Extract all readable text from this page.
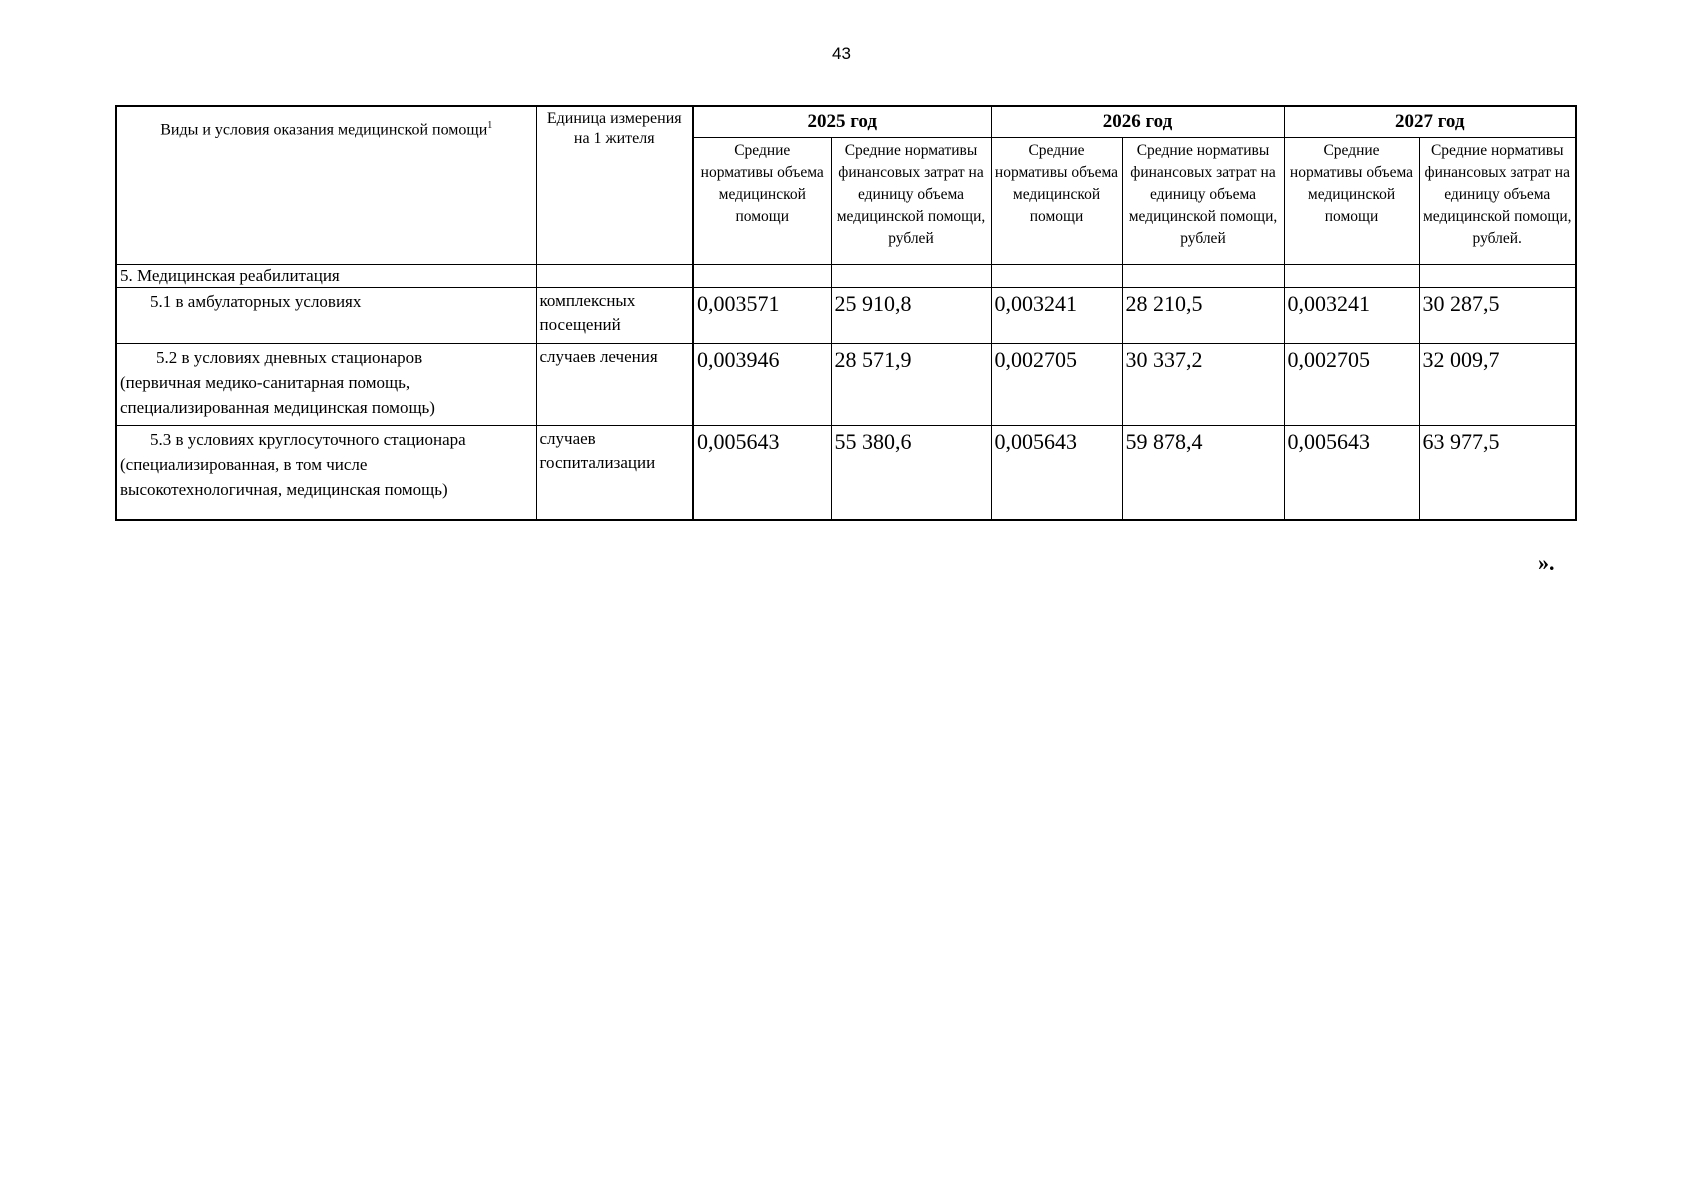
43
Виды и условия оказания медицинской помощи$^1$	Единица измерения на 1 жителя	2025 год		2026 год		2027 год	
		Средние нормативы объема медицинской помощи	Средние нормативы финансовых затрат на единицу объема медицинской помощи, рублей	Средние нормативы объема медицинской помощи	Средние нормативы финансовых затрат на единицу объема медицинской помощи, рублей	Средние нормативы объема медицинской помощи	Средние нормативы финансовых затрат на единицу объема медицинской помощи, рублей.
5. Медицинская реабилитация							

5.1 в амбулаторных условиях	комплексных посещений	0,003571	25 910,8	0,003241	28 210,5	0,003241	30 287,5

5.2 в условиях дневных стационаров
(первичная медико-санитарная помощь, специализированная медицинская помощь)	случаев лечения	0,003946	28 571,9	0,002705	30 337,2	0,002705	32 009,7

5.3 в условиях круглосуточного стационара
(специализированная, в том числе высокотехнологичная, медицинская помощь)	случаев госпитализации	0,005643	55 380,6	0,005643	59 878,4	0,005643	63 977,5
».
